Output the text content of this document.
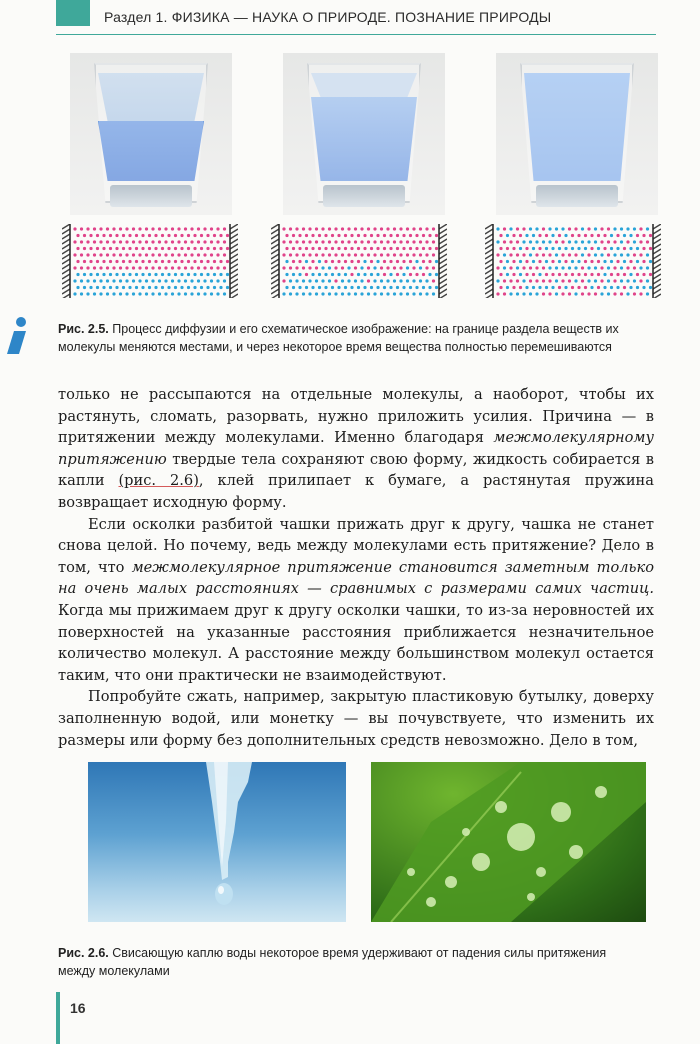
Раздел 1. ФИЗИКА — НАУКА О ПРИРОДЕ. ПОЗНАНИЕ ПРИРОДЫ
Рис. 2.5. Процесс диффузии и его схематическое изображение: на границе раздела веществ их
молекулы меняются местами, и через некоторое время вещества полностью перемешиваются

только не рассыпаются на отдельные молекулы, а наоборот, чтобы их растянуть, сломать, разорвать, нужно приложить усилия. Причина — в притяжении между молекулами. Именно благодаря межмолекулярному притяжению твердые тела сохраняют свою форму, жидкость собирается в капли (рис. 2.6), клей прилипает к бумаге, а растянутая пружина возвращает исходную форму.

Если осколки разбитой чашки прижать друг к другу, чашка не станет снова целой. Но почему, ведь между молекулами есть притяжение? Дело в том, что межмолекулярное притяжение становится заметным только на очень малых расстояниях — сравнимых с размерами самих частиц. Когда мы прижимаем друг к другу осколки чашки, то из-за неровностей их поверхностей на указанные расстояния приближается незначительное количество молекул. А расстояние между большинством молекул остается таким, что они практически не взаимодействуют.

Попробуйте сжать, например, закрытую пластиковую бутылку, доверху заполненную водой, или монетку — вы почувствуете, что изменить их размеры или форму без дополнительных средств невозможно. Дело в том,

Рис. 2.6. Свисающую каплю воды некоторое время удерживают от падения силы притяжения
между молекулами
16
